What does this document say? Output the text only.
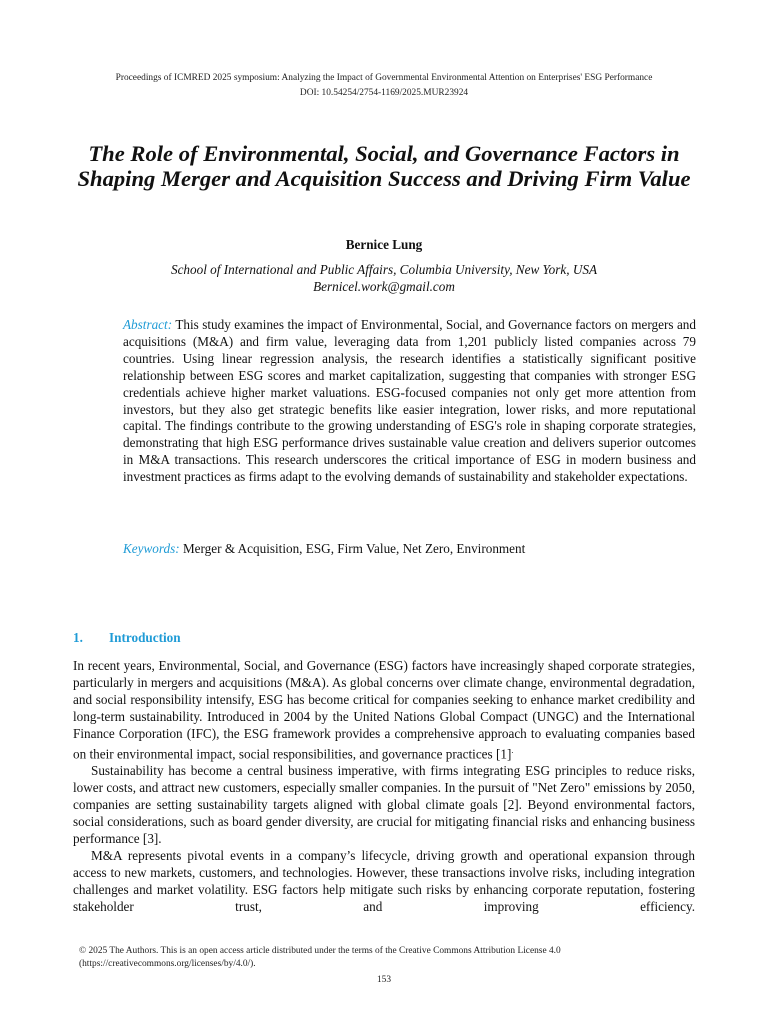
Proceedings of ICMRED 2025 symposium: Analyzing the Impact of Governmental Environmental Attention on Enterprises' ESG Performance
DOI: 10.54254/2754-1169/2025.MUR23924
The Role of Environmental, Social, and Governance Factors in Shaping Merger and Acquisition Success and Driving Firm Value
Bernice Lung
School of International and Public Affairs, Columbia University, New York, USA
Bernicel.work@gmail.com

Abstract: This study examines the impact of Environmental, Social, and Governance factors on mergers and acquisitions (M&A) and firm value, leveraging data from 1,201 publicly listed companies across 79 countries. Using linear regression analysis, the research identifies a statistically significant positive relationship between ESG scores and market capitalization, suggesting that companies with stronger ESG credentials achieve higher market valuations. ESG-focused companies not only get more attention from investors, but they also get strategic benefits like easier integration, lower risks, and more reputational capital. The findings contribute to the growing understanding of ESG's role in shaping corporate strategies, demonstrating that high ESG performance drives sustainable value creation and delivers superior outcomes in M&A transactions. This research underscores the critical importance of ESG in modern business and investment practices as firms adapt to the evolving demands of sustainability and stakeholder expectations.

Keywords: Merger & Acquisition, ESG, Firm Value, Net Zero, Environment

1. Introduction

In recent years, Environmental, Social, and Governance (ESG) factors have increasingly shaped corporate strategies, particularly in mergers and acquisitions (M&A). As global concerns over climate change, environmental degradation, and social responsibility intensify, ESG has become critical for companies seeking to enhance market credibility and long-term sustainability. Introduced in 2004 by the United Nations Global Compact (UNGC) and the International Finance Corporation (IFC), the ESG framework provides a comprehensive approach to evaluating companies based on their environmental impact, social responsibilities, and governance practices [1].

Sustainability has become a central business imperative, with firms integrating ESG principles to reduce risks, lower costs, and attract new customers, especially smaller companies. In the pursuit of "Net Zero" emissions by 2050, companies are setting sustainability targets aligned with global climate goals [2]. Beyond environmental factors, social considerations, such as board gender diversity, are crucial for mitigating financial risks and enhancing business performance [3].

M&A represents pivotal events in a company’s lifecycle, driving growth and operational expansion through access to new markets, customers, and technologies. However, these transactions involve risks, including integration challenges and market volatility. ESG factors help mitigate such risks by enhancing corporate reputation, fostering stakeholder trust, and improving efficiency.

© 2025 The Authors. This is an open access article distributed under the terms of the Creative Commons Attribution License 4.0 (https://creativecommons.org/licenses/by/4.0/).

153
